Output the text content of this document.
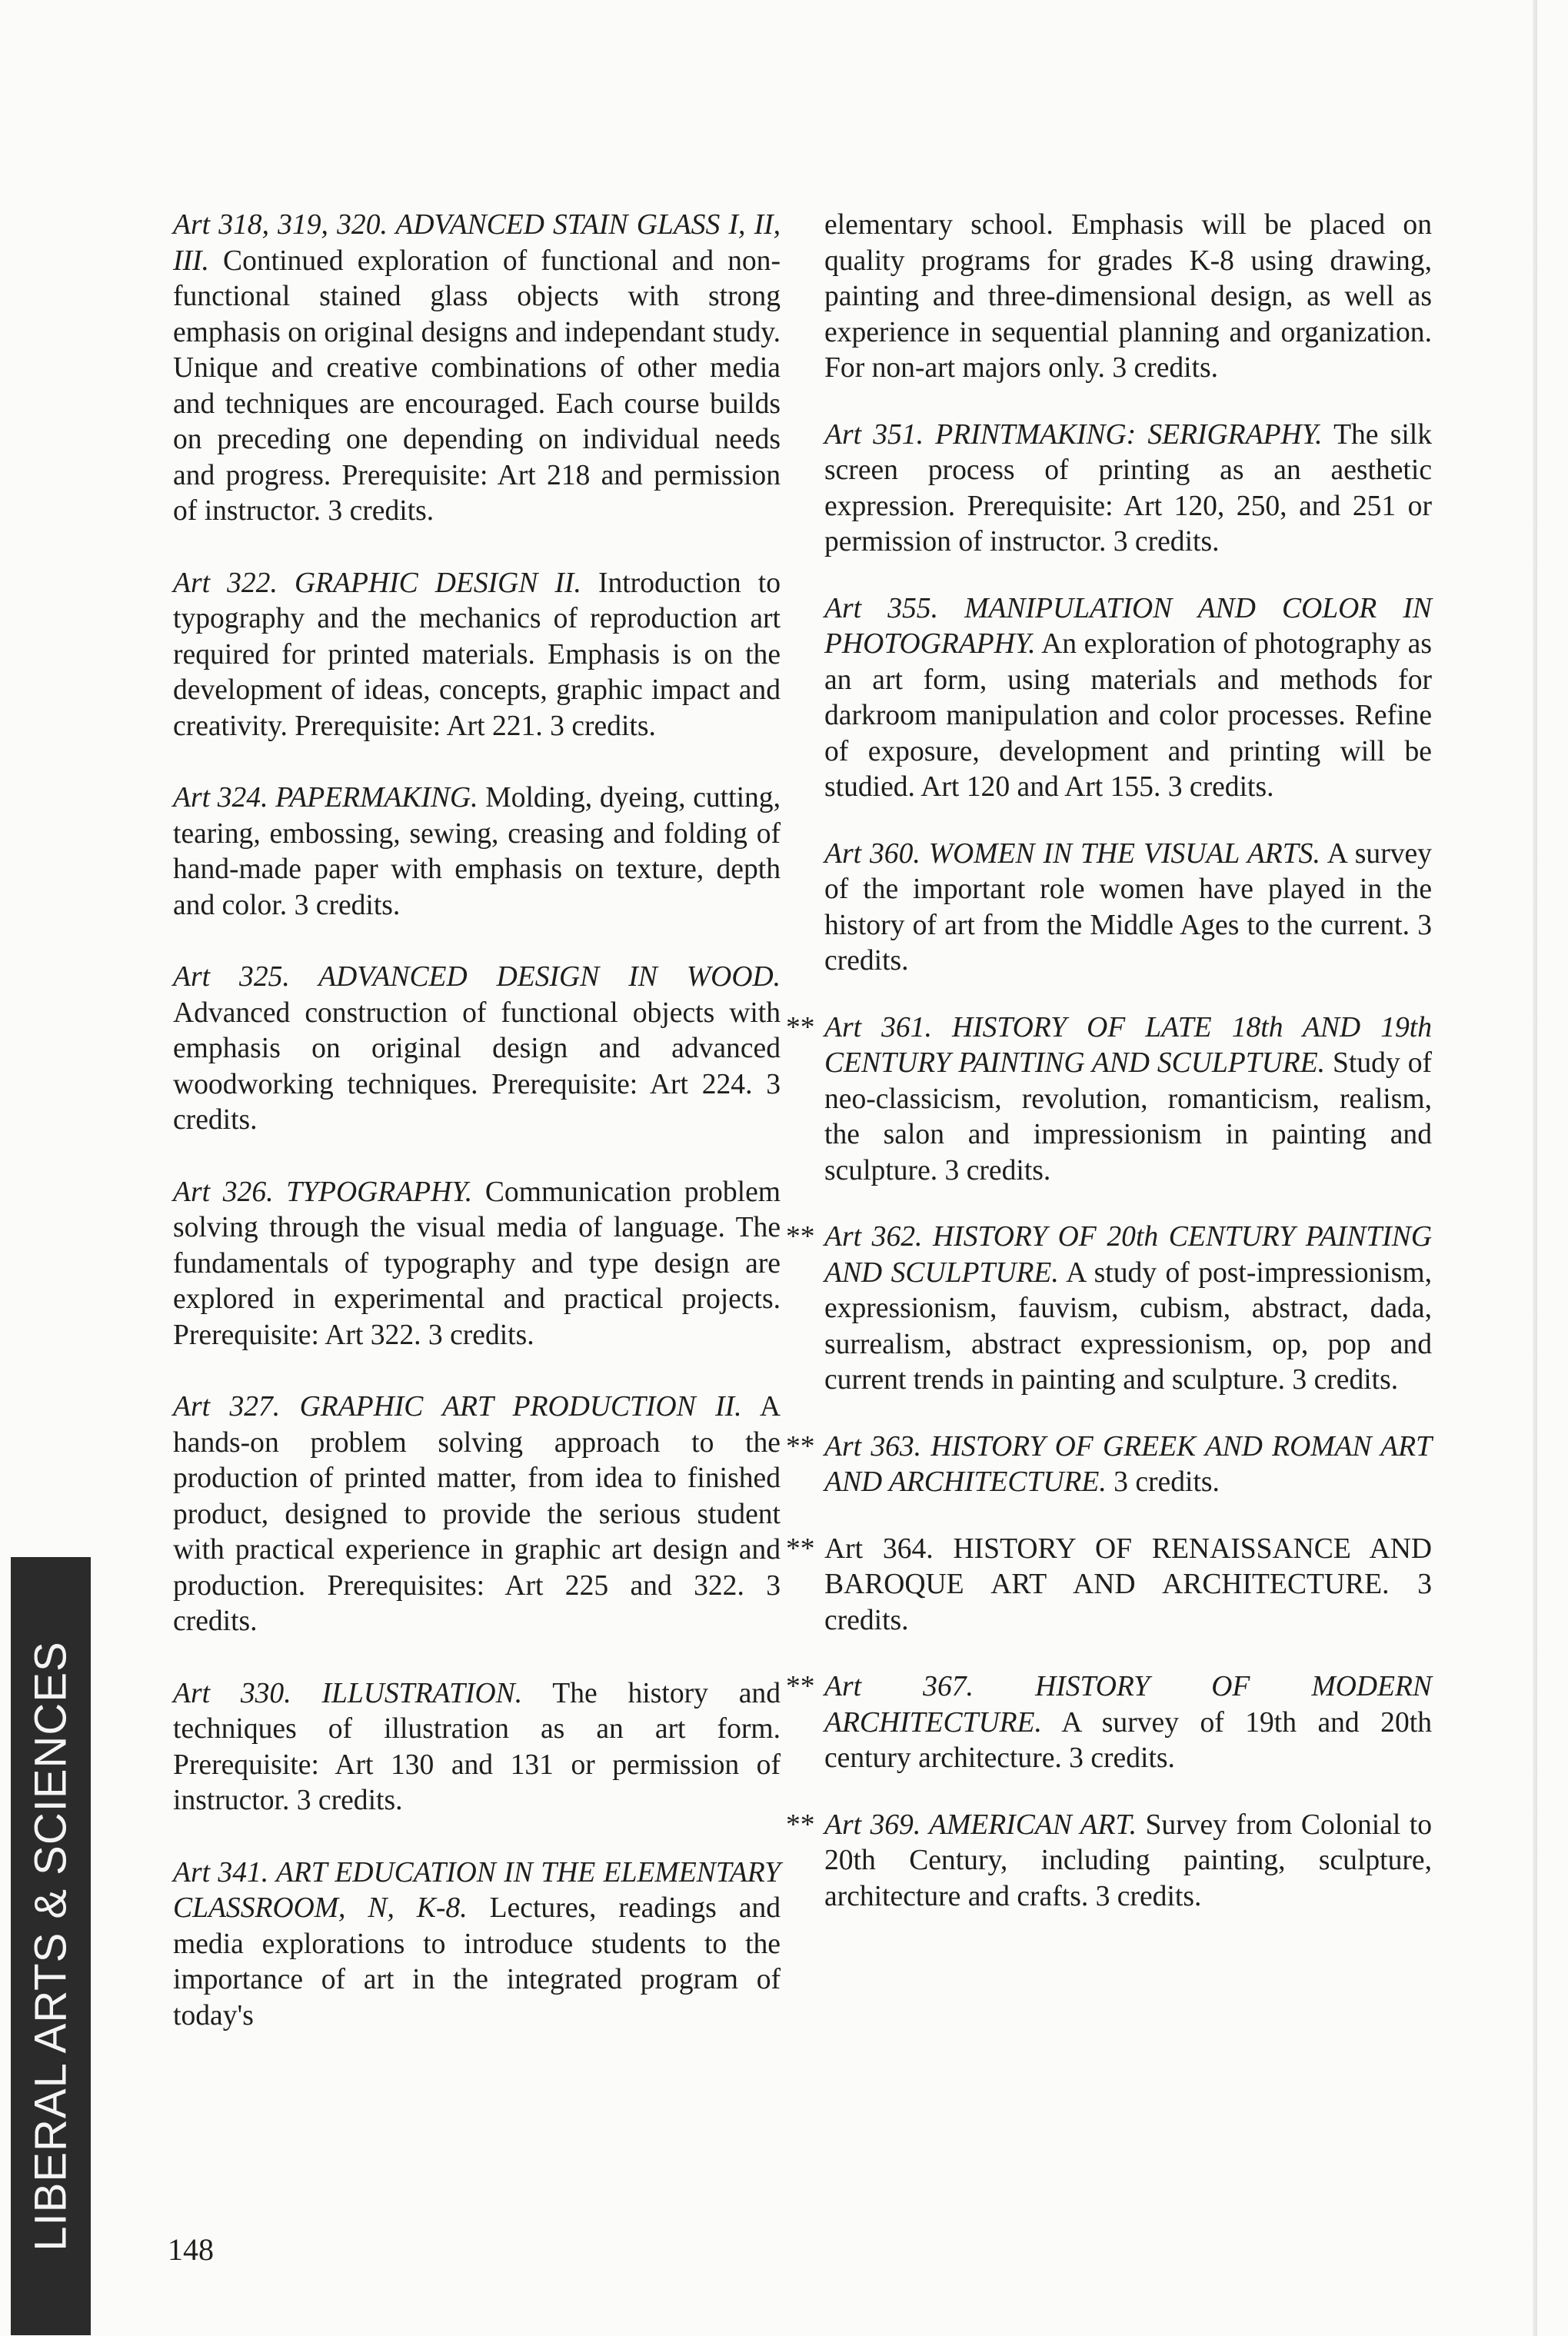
Art 318, 319, 320. ADVANCED STAIN GLASS I, II, III. Continued exploration of functional and non-functional stained glass objects with strong emphasis on original designs and independant study. Unique and creative combinations of other media and techniques are encouraged. Each course builds on preceding one depending on individual needs and progress. Prerequisite: Art 218 and permission of instructor. 3 credits.

Art 322. GRAPHIC DESIGN II. Introduction to typography and the mechanics of reproduction art required for printed materials. Emphasis is on the development of ideas, concepts, graphic impact and creativity. Prerequisite: Art 221. 3 credits.

Art 324. PAPERMAKING. Molding, dyeing, cutting, tearing, embossing, sewing, creasing and folding of hand-made paper with emphasis on texture, depth and color. 3 credits.

Art 325. ADVANCED DESIGN IN WOOD. Advanced construction of functional objects with emphasis on original design and advanced woodworking techniques. Prerequisite: Art 224. 3 credits.

Art 326. TYPOGRAPHY. Communication problem solving through the visual media of language. The fundamentals of typography and type design are explored in experimental and practical projects. Prerequisite: Art 322. 3 credits.

Art 327. GRAPHIC ART PRODUCTION II. A hands-on problem solving approach to the production of printed matter, from idea to finished product, designed to provide the serious student with practical experience in graphic art design and production. Prerequisites: Art 225 and 322. 3 credits.

Art 330. ILLUSTRATION. The history and techniques of illustration as an art form. Prerequisite: Art 130 and 131 or permission of instructor. 3 credits.

Art 341. ART EDUCATION IN THE ELEMENTARY CLASSROOM, N, K-8. Lectures, readings and media explorations to introduce students to the importance of art in the integrated program of today's

elementary school. Emphasis will be placed on quality programs for grades K-8 using drawing, painting and three-dimensional design, as well as experience in sequential planning and organization. For non-art majors only. 3 credits.

Art 351. PRINTMAKING: SERIGRAPHY. The silk screen process of printing as an aesthetic expression. Prerequisite: Art 120, 250, and 251 or permission of instructor. 3 credits.

Art 355. MANIPULATION AND COLOR IN PHOTOGRAPHY. An exploration of photography as an art form, using materials and methods for darkroom manipulation and color processes. Refine of exposure, development and printing will be studied. Art 120 and Art 155. 3 credits.

Art 360. WOMEN IN THE VISUAL ARTS. A survey of the important role women have played in the history of art from the Middle Ages to the current. 3 credits.

** Art 361. HISTORY OF LATE 18th AND 19th CENTURY PAINTING AND SCULPTURE. Study of neo-classicism, revolution, romanticism, realism, the salon and impressionism in painting and sculpture. 3 credits.

** Art 362. HISTORY OF 20th CENTURY PAINTING AND SCULPTURE. A study of post-impressionism, expressionism, fauvism, cubism, abstract, dada, surrealism, abstract expressionism, op, pop and current trends in painting and sculpture. 3 credits.

** Art 363. HISTORY OF GREEK AND ROMAN ART AND ARCHITECTURE. 3 credits.

** Art 364. HISTORY OF RENAISSANCE AND BAROQUE ART AND ARCHITECTURE. 3 credits.

** Art 367. HISTORY OF MODERN ARCHITECTURE. A survey of 19th and 20th century architecture. 3 credits.

** Art 369. AMERICAN ART. Survey from Colonial to 20th Century, including painting, sculpture, architecture and crafts. 3 credits.

LIBERAL ARTS & SCIENCES	148
